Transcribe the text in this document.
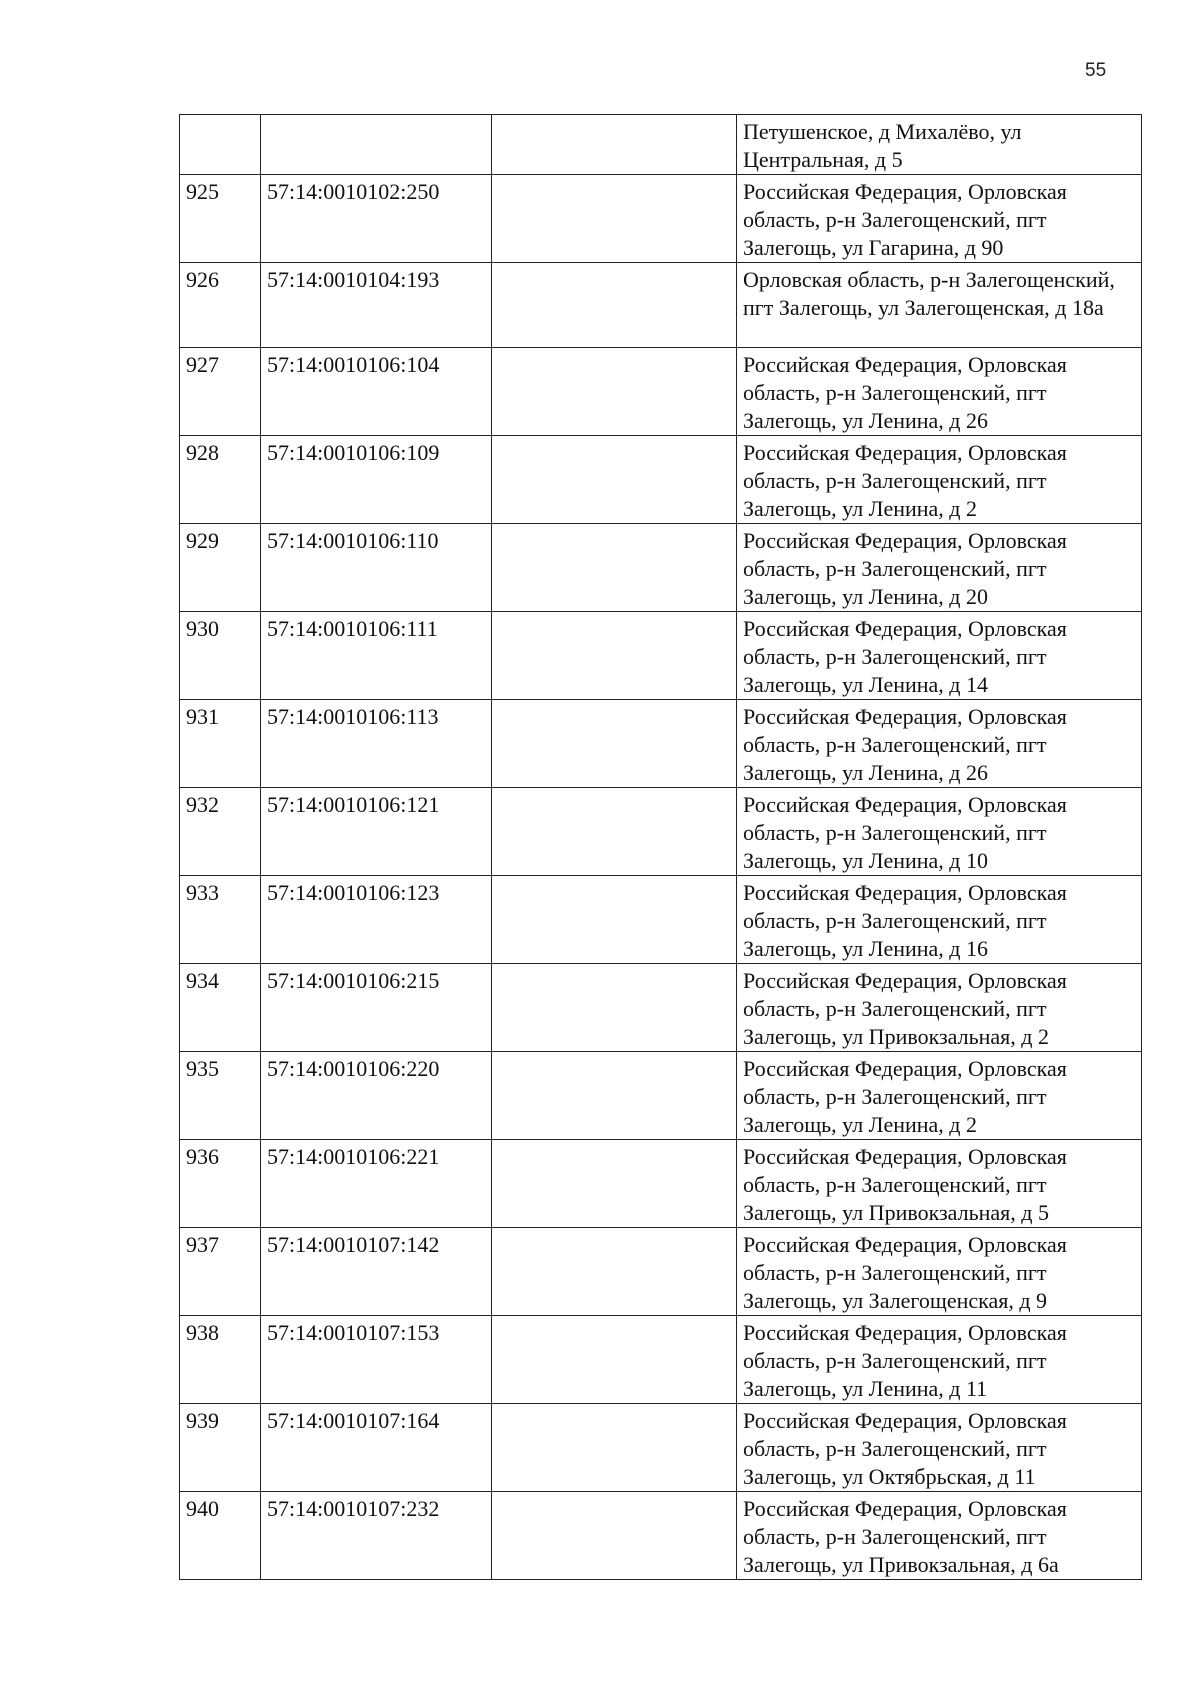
55
			Петушенское, д Михалёво, ул Центральная, д 5
925	57:14:0010102:250		Российская Федерация, Орловская область, р-н Залегощенский, пгт Залегощь, ул Гагарина, д 90
926	57:14:0010104:193		Орловская область, р-н Залегощенский, пгт Залегощь, ул Залегощенская, д 18а
927	57:14:0010106:104		Российская Федерация, Орловская область, р-н Залегощенский, пгт Залегощь, ул Ленина, д 26
928	57:14:0010106:109		Российская Федерация, Орловская область, р-н Залегощенский, пгт Залегощь, ул Ленина, д 2
929	57:14:0010106:110		Российская Федерация, Орловская область, р-н Залегощенский, пгт Залегощь, ул Ленина, д 20
930	57:14:0010106:111		Российская Федерация, Орловская область, р-н Залегощенский, пгт Залегощь, ул Ленина, д 14
931	57:14:0010106:113		Российская Федерация, Орловская область, р-н Залегощенский, пгт Залегощь, ул Ленина, д 26
932	57:14:0010106:121		Российская Федерация, Орловская область, р-н Залегощенский, пгт Залегощь, ул Ленина, д 10
933	57:14:0010106:123		Российская Федерация, Орловская область, р-н Залегощенский, пгт Залегощь, ул Ленина, д 16
934	57:14:0010106:215		Российская Федерация, Орловская область, р-н Залегощенский, пгт Залегощь, ул Привокзальная, д 2
935	57:14:0010106:220		Российская Федерация, Орловская область, р-н Залегощенский, пгт Залегощь, ул Ленина, д 2
936	57:14:0010106:221		Российская Федерация, Орловская область, р-н Залегощенский, пгт Залегощь, ул Привокзальная, д 5
937	57:14:0010107:142		Российская Федерация, Орловская область, р-н Залегощенский, пгт Залегощь, ул Залегощенская, д 9
938	57:14:0010107:153		Российская Федерация, Орловская область, р-н Залегощенский, пгт Залегощь, ул Ленина, д 11
939	57:14:0010107:164		Российская Федерация, Орловская область, р-н Залегощенский, пгт Залегощь, ул Октябрьская, д 11
940	57:14:0010107:232		Российская Федерация, Орловская область, р-н Залегощенский, пгт Залегощь, ул Привокзальная, д 6а
